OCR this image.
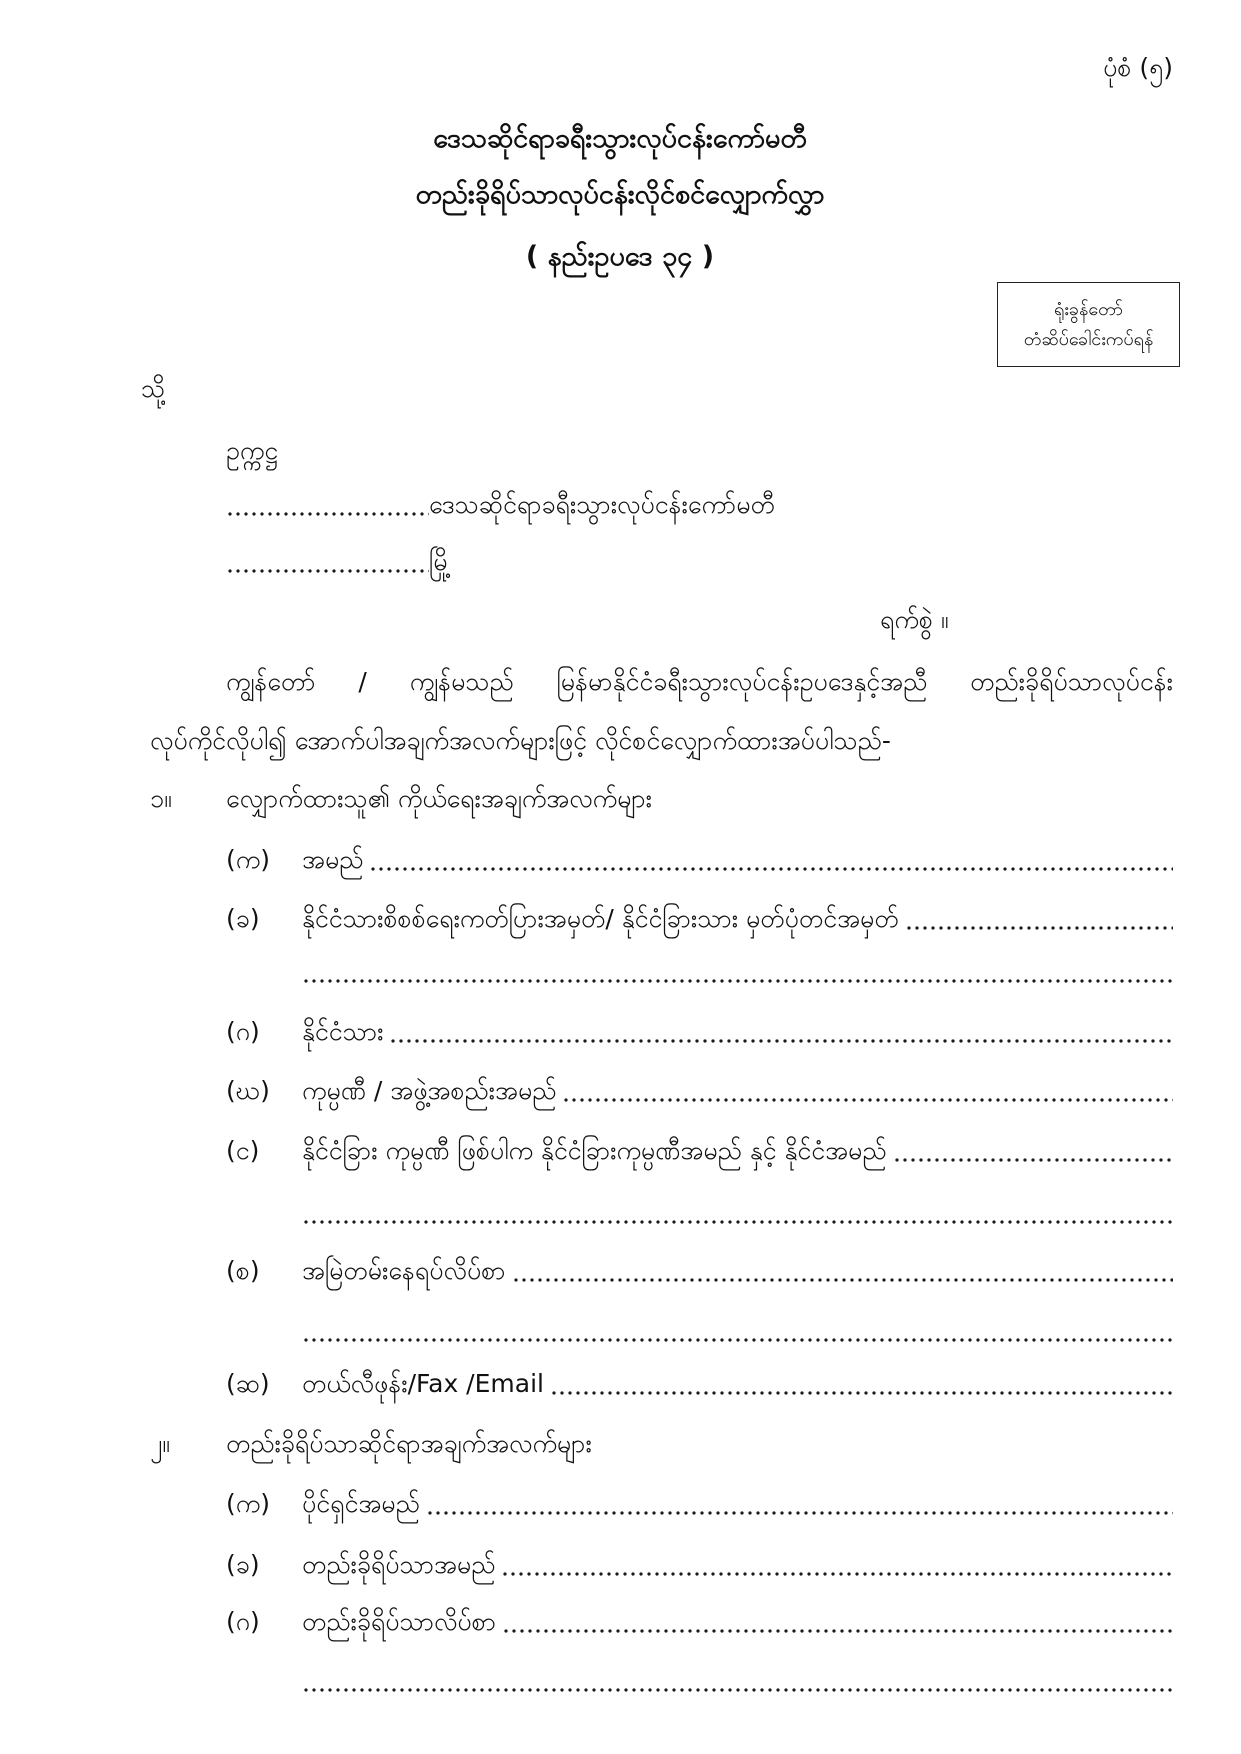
ပုံစံ (၅)
ဒေသဆိုင်ရာခရီးသွားလုပ်ငန်းကော်မတီ
တည်းခိုရိပ်သာလုပ်ငန်းလိုင်စင်လျှောက်လွှာ
( နည်းဥပဒေ ၃၄ )
ရုံးခွန်တော်
တံဆိပ်ခေါင်းကပ်ရန်
သို့
ဥက္ကဋ္ဌ
ဒေသဆိုင်ရာခရီးသွားလုပ်ငန်းကော်မတီ
မြို့
ရက်စွဲ ။
ကျွန်တော် / ကျွန်မသည် မြန်မာနိုင်ငံခရီးသွားလုပ်ငန်းဥပဒေနှင့်အညီ တည်းခိုရိပ်သာလုပ်ငန်း
လုပ်ကိုင်လိုပါ၍ အောက်ပါအချက်အလက်များဖြင့် လိုင်စင်လျှောက်ထားအပ်ပါသည်-
၁။	လျှောက်ထားသူ၏ ကိုယ်ရေးအချက်အလက်များ
(က)	အမည်
(ခ)	နိုင်ငံသားစိစစ်ရေးကတ်ပြားအမှတ်/ နိုင်ငံခြားသား မှတ်ပုံတင်အမှတ်
(ဂ)	နိုင်ငံသား
(ဃ)	ကုမ္ပဏီ / အဖွဲ့အစည်းအမည်
(င)	နိုင်ငံခြား ကုမ္ပဏီ ဖြစ်ပါက နိုင်ငံခြားကုမ္ပဏီအမည် နှင့် နိုင်ငံအမည်
(စ)	အမြဲတမ်းနေရပ်လိပ်စာ
(ဆ)	တယ်လီဖုန်း/Fax /Email
၂။	တည်းခိုရိပ်သာဆိုင်ရာအချက်အလက်များ
(က)	ပိုင်ရှင်အမည်
(ခ)	တည်းခိုရိပ်သာအမည်
(ဂ)	တည်းခိုရိပ်သာလိပ်စာ
